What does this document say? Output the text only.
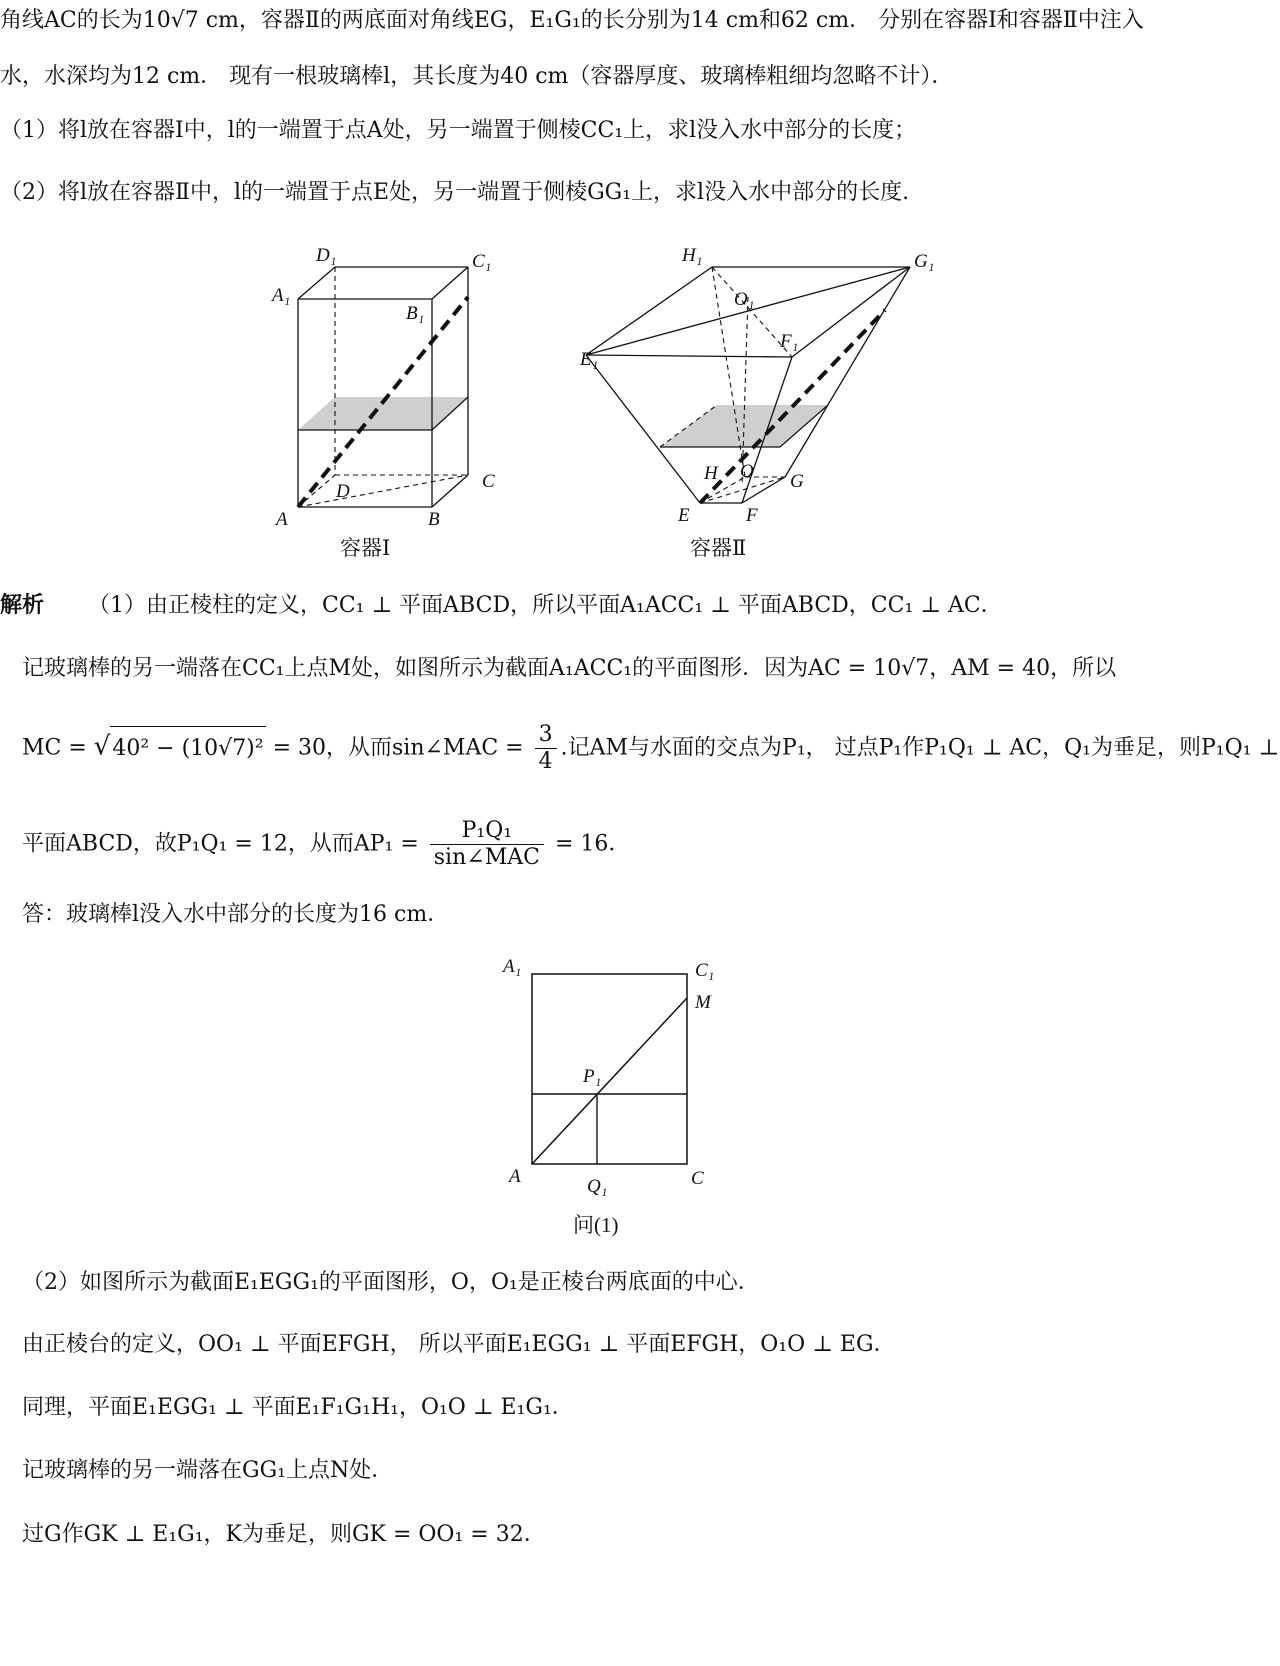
角线AC的长为10√7 cm，容器Ⅱ的两底面对角线EG，E₁G₁的长分别为14 cm和62 cm． 分别在容器Ⅰ和容器Ⅱ中注入
水，水深均为12 cm． 现有一根玻璃棒l，其长度为40 cm（容器厚度、玻璃棒粗细均忽略不计）．
（1）将l放在容器Ⅰ中，l的一端置于点A处，另一端置于侧棱CC₁上，求l没入水中部分的长度；
（2）将l放在容器Ⅱ中，l的一端置于点E处，另一端置于侧棱GG₁上，求l没入水中部分的长度.
D₁	C₁
A₁
B₁
D	C
A	B
容器Ⅰ
H₁	G₁
O₁
E₁
F₁
H O G
E	F
容器Ⅱ
解析 （1）由正棱柱的定义，CC₁ ⊥ 平面ABCD，所以平面A₁ACC₁ ⊥ 平面ABCD，CC₁ ⊥ AC．
记玻璃棒的另一端落在CC₁上点M处，如图所示为截面A₁ACC₁的平面图形．因为AC = 10√7，AM = 40，所以
MC = √40² − (10√7)² = 30，从而sin∠MAC = $\frac{3}{4}$ .记AM与水面的交点为P₁， 过点P₁作P₁Q₁ ⊥ AC，Q₁为垂足，则P₁Q₁ ⊥
平面ABCD，故P₁Q₁ = 12，从而$AP_1 = \frac{\text{P₁Q₁}}{\text{sin∠MAC}} = 16$．
答：玻璃棒l没入水中部分的长度为16 cm．
A₁	C₁
M
P₁
A	Q₁	C
问(1)
（2）如图所示为截面E₁EGG₁的平面图形，O，O₁是正棱台两底面的中心．
由正棱台的定义，OO₁ ⊥ 平面EFGH， 所以平面E₁EGG₁ ⊥ 平面EFGH，O₁O ⊥ EG．
同理，平面E₁EGG₁ ⊥ 平面E₁F₁G₁H₁，O₁O ⊥ E₁G₁．
记玻璃棒的另一端落在GG₁上点N处．
过G作GK ⊥ E₁G₁，K为垂足，则GK = OO₁ = 32．
